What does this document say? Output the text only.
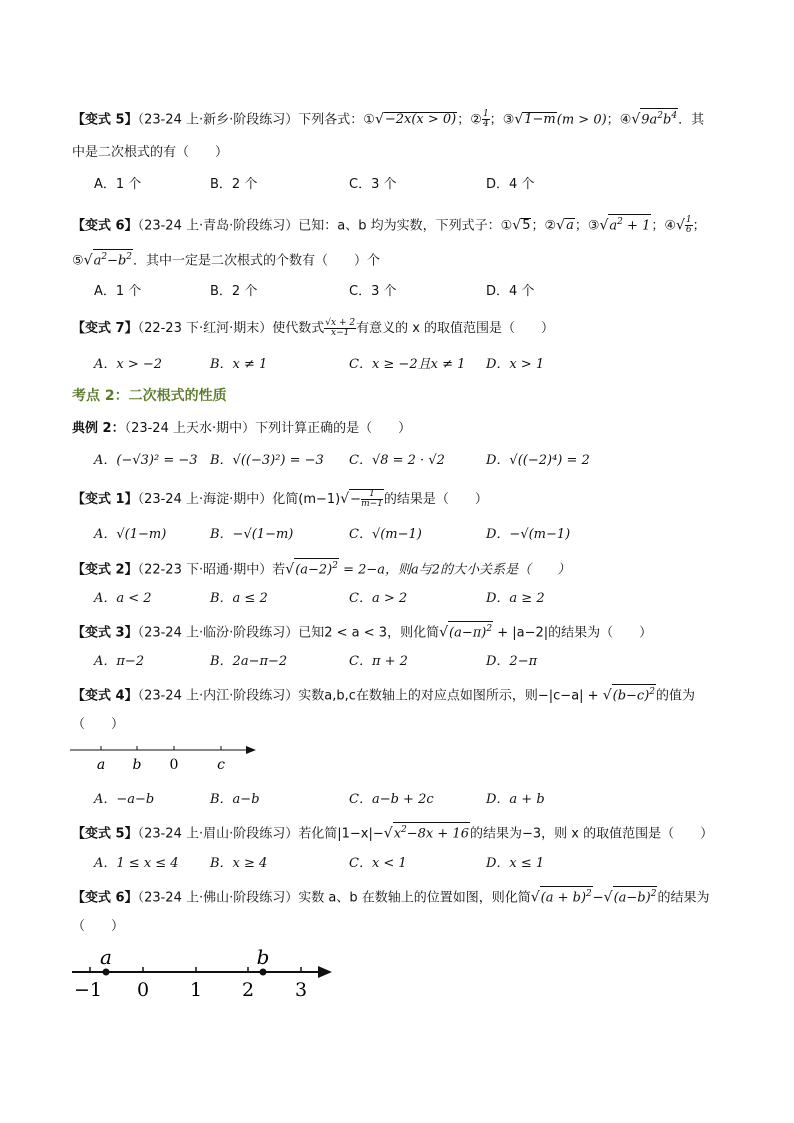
【变式 5】（23-24 上·新乡·阶段练习）下列各式：①√−2x(x > 0)；② $\frac{1}{4}$ ；③√1−m(m > 0)；$④√9a^2b^4$．其
中是二次根式的有（　　）
A．1 个	B．2 个	C．3 个	D．4 个
【变式 6】（23-24 上·青岛·阶段练习）已知：a、b 均为实数，下列式子：①√5；②√a；$③√a^2 + 1$；④√ $\frac{1}{6}$ ；
$⑤√a^2-b^2$．其中一定是二次根式的个数有（　　）个
A．1 个	B．2 个	C．3 个	D．4 个
【变式 7】（22-23 下·红河·期末）使代数式 $\frac{√x + 2}{x-1}$ 有意义的 x 的取值范围是（　　）
A．x > −2	B．x ≠ 1	C．x ≥ −2且x ≠ 1 D．x > 1
考点 2：二次根式的性质
典例 2：（23-24 上天水·期中）下列计算正确的是（　　）
A．(−√3)² = −3 B．√((−3)²) = −3 C．√8 = 2 · √2	D．√((−2)⁴) = 2
【变式 1】（23-24 上·海淀·期中）化简$(m-1)√- \frac{1}{m-1}$ 的结果是（　　）
A．√(1−m)	B．−√(1−m)	C．√(m−1)	D．−√(m−1)
【变式 2】（22-23 下·昭通·期中）若$√(a-2)^2 = 2-a$，则a与2的大小关系是（　　）
A．a < 2	B．a ≤ 2	C．a > 2	D．a ≥ 2
【变式 3】（23-24 上·临汾·阶段练习）已知2 < a < 3，则化简$√(a-\pi)^2 + |a-2|$的结果为（　　）
A．π−2	B．2a−π−2	C．π + 2	D．2−π
【变式 4】（23-24 上·内江·阶段练习）实数a,b,c在数轴上的对应点如图所示，则$-|c-a| + √(b-c)^2$的值为
（　　）
a b 0	c
A．−a−b	B．a−b	C．a−b + 2c	D．a + b
【变式 5】（23-24 上·眉山·阶段练习）若化简$|1-x|-√x^2-8x + 16$的结果为−3，则 x 的取值范围是（　　）
A．1 ≤ x ≤ 4 B．x ≥ 4	C．x < 1	D．x ≤ 1
【变式 6】（23-24 上·佛山·阶段练习）实数 a、b 在数轴上的位置如图，则化简$√(a + b)^2-√(a-b)^2$的结果为
（　　）
a	b
−1 0 1 2 3
